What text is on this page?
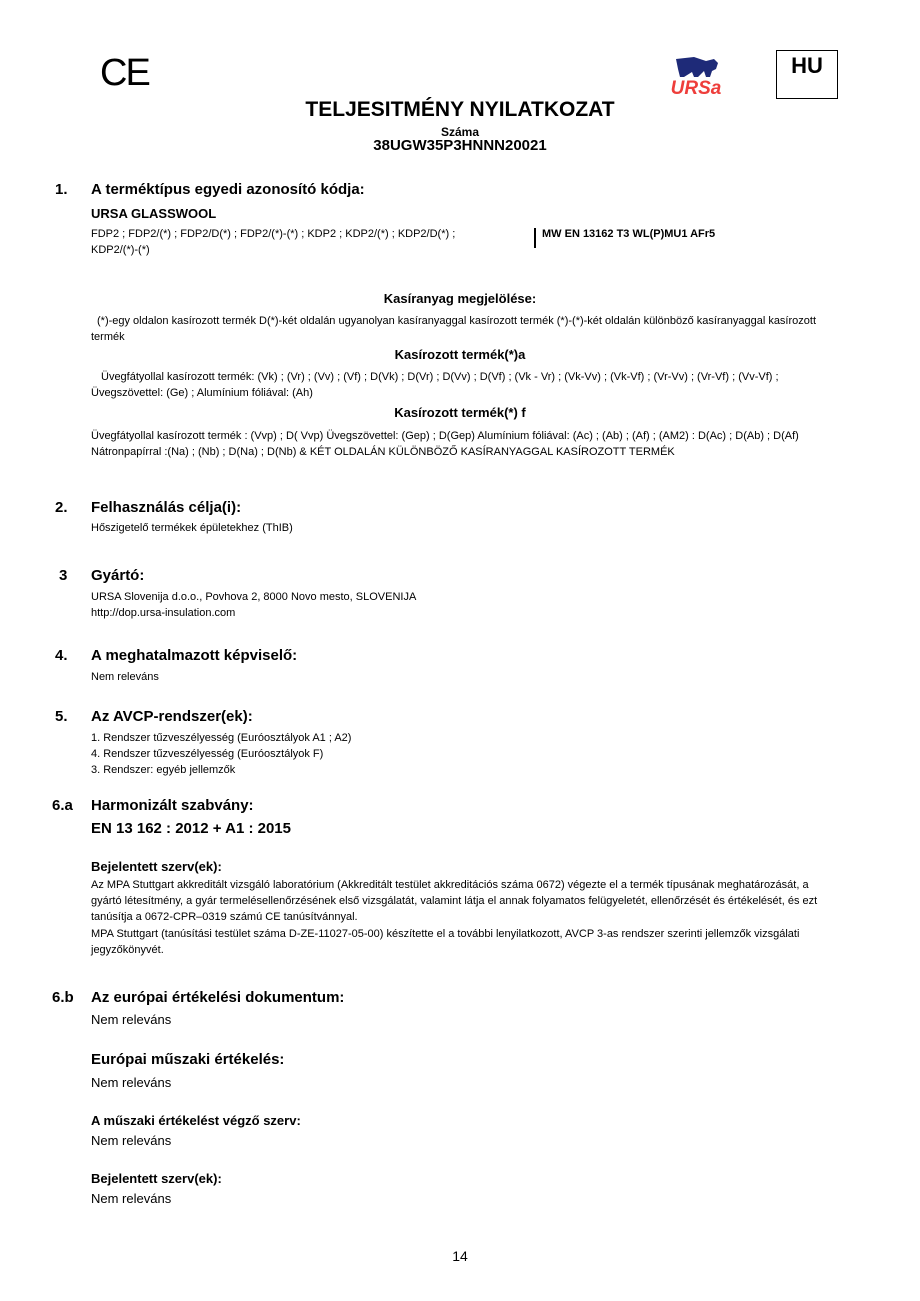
CE	URSa
HU
TELJESITMÉNY NYILATKOZAT
Száma
38UGW35P3HNNN20021
1. A terméktípus egyedi azonosító kódja:
URSA GLASSWOOL
FDP2 ; FDP2/(*) ; FDP2/D(*) ; FDP2/(*)-(*) ; KDP2 ; KDP2/(*) ; KDP2/D(*) ;
KDP2/(*)-(*)
MW EN 13162 T3 WL(P)MU1 AFr5
Kasíranyag megjelölése:
(*)-egy oldalon kasírozott termék D(*)-két oldalán ugyanolyan kasíranyaggal kasírozott termék (*)-(*)-két oldalán különböző kasíranyaggal kasírozott termék
Kasírozott termék(*)a
Üvegfátyollal kasírozott termék: (Vk) ; (Vr) ; (Vv) ; (Vf) ; D(Vk) ; D(Vr) ; D(Vv) ; D(Vf) ; (Vk - Vr) ; (Vk-Vv) ; (Vk-Vf) ; (Vr-Vv) ; (Vr-Vf) ; (Vv-Vf) ; Üvegszövettel: (Ge) ; Alumínium fóliával: (Ah)
Kasírozott termék(*) f
Üvegfátyollal kasírozott termék : (Vvp) ; D( Vvp) Üvegszövettel: (Gep) ; D(Gep) Alumínium fóliával: (Ac) ; (Ab) ; (Af) ; (AM2) : D(Ac) ; D(Ab) ; D(Af) Nátronpapírral :(Na) ; (Nb) ; D(Na) ; D(Nb) & KÉT OLDALÁN KÜLÖNBÖZŐ KASÍRANYAGGAL KASÍROZOTT TERMÉK
2. Felhasználás célja(i):
Hőszigetelő termékek épületekhez (ThIB)
3 Gyártó:
URSA Slovenija d.o.o., Povhova 2, 8000 Novo mesto, SLOVENIJA
http://dop.ursa-insulation.com
4. A meghatalmazott képviselő:
Nem releváns
5. Az AVCP-rendszer(ek):
1. Rendszer tűzveszélyesség (Euróosztályok A1 ; A2)
4. Rendszer tűzveszélyesség (Euróosztályok F)
3. Rendszer: egyéb jellemzők
6.a Harmonizált szabvány:
EN 13 162 : 2012 + A1 : 2015
Bejelentett szerv(ek):
Az MPA Stuttgart akkreditált vizsgáló laboratórium (Akkreditált testület akkreditációs száma 0672) végezte el a termék típusának meghatározását, a gyártó létesítmény, a gyár termelésellenőrzésének első vizsgálatát, valamint látja el annak folyamatos felügyeletét, ellenőrzését és értékelését, és ezt tanúsítja a 0672-CPR–0319 számú CE tanúsítvánnyal.
MPA Stuttgart (tanúsítási testület száma D-ZE-11027-05-00) készítette el a további lenyilatkozott, AVCP 3-as rendszer szerinti jellemzők vizsgálati jegyzőkönyvét.
6.b Az európai értékelési dokumentum:
Nem releváns
Európai műszaki értékelés:
Nem releváns
A műszaki értékelést végző szerv:
Nem releváns
Bejelentett szerv(ek):
Nem releváns
14
